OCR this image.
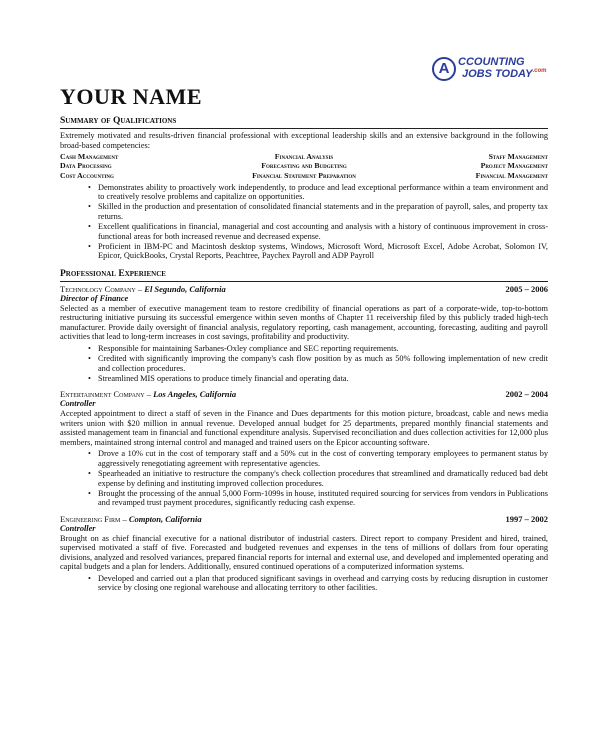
A CCOUNTING
JOBS $TODAY^{.com}$
YOUR NAME
Summary of Qualifications

Extremely motivated and results-driven financial professional with exceptional leadership skills and an extensive background in the following broad-based competencies:

Cash Management	Financial Analysis	Staff Management
Data Processing	Forecasting and Budgeting	Project Management
Cost Accounting	Financial Statement Preparation	Financial Management
• Demonstrates ability to proactively work independently, to produce and lead exceptional performance within a team environment and to creatively resolve problems and capitalize on opportunities.
• Skilled in the production and presentation of consolidated financial statements and in the preparation of payroll, sales, and property tax returns.
• Excellent qualifications in financial, managerial and cost accounting and analysis with a history of continuous improvement in cross-functional areas for both increased revenue and decreased expense.
• Proficient in IBM-PC and Macintosh desktop systems, Windows, Microsoft Word, Microsoft Excel, Adobe Acrobat, Solomon IV, Epicor, QuickBooks, Crystal Reports, Peachtree, Paychex Payroll and ADP Payroll
Professional Experience
Technology Company – El Segundo, California	2005 – 2006
Director of Finance

Selected as a member of executive management team to restore credibility of financial operations as part of a corporate-wide, top-to-bottom restructuring initiative pursuing its successful emergence within seven months of Chapter 11 receivership filed by this publicly traded high-tech manufacturer. Provide daily oversight of financial analysis, regulatory reporting, cash management, accounting, forecasting, auditing and payroll activities that lead to long-term increases in cost savings, profitability and productivity.

• Responsible for maintaining Sarbanes-Oxley compliance and SEC reporting requirements.
• Credited with significantly improving the company's cash flow position by as much as 50% following implementation of new credit and collection procedures.
• Streamlined MIS operations to produce timely financial and operating data.
Entertainment Company – Los Angeles, California	2002 – 2004
Controller

Accepted appointment to direct a staff of seven in the Finance and Dues departments for this motion picture, broadcast, cable and news media writers union with $20 million in annual revenue. Developed annual budget for 25 departments, prepared monthly financial statements and assisted management team in financial and functional expenditure analysis. Supervised reconciliation and dues collection activities for 12,000 plus members, maintained strong internal control and managed and trained users on the Epicor accounting software.

• Drove a 10% cut in the cost of temporary staff and a 50% cut in the cost of converting temporary employees to permanent status by aggressively renegotiating agreement with representative agencies.
• Spearheaded an initiative to restructure the company's check collection procedures that streamlined and dramatically reduced bad debt expense by defining and instituting improved collection procedures.
• Brought the processing of the annual 5,000 Form-1099s in house, instituted required sourcing for services from vendors in Publications and revamped trust payment procedures, significantly reducing cash expense.
Engineering Firm – Compton, California	1997 – 2002
Controller

Brought on as chief financial executive for a national distributor of industrial casters. Direct report to company President and hired, trained, supervised motivated a staff of five. Forecasted and budgeted revenues and expenses in the tens of millions of dollars from four operating divisions, analyzed and resolved variances, prepared financial reports for internal and external use, and developed and implemented operating and capital budgets and a plan for lenders. Additionally, ensured continued operations of a computerized information systems.

• Developed and carried out a plan that produced significant savings in overhead and carrying costs by reducing disruption in customer service by closing one regional warehouse and allocating territory to other facilities.
